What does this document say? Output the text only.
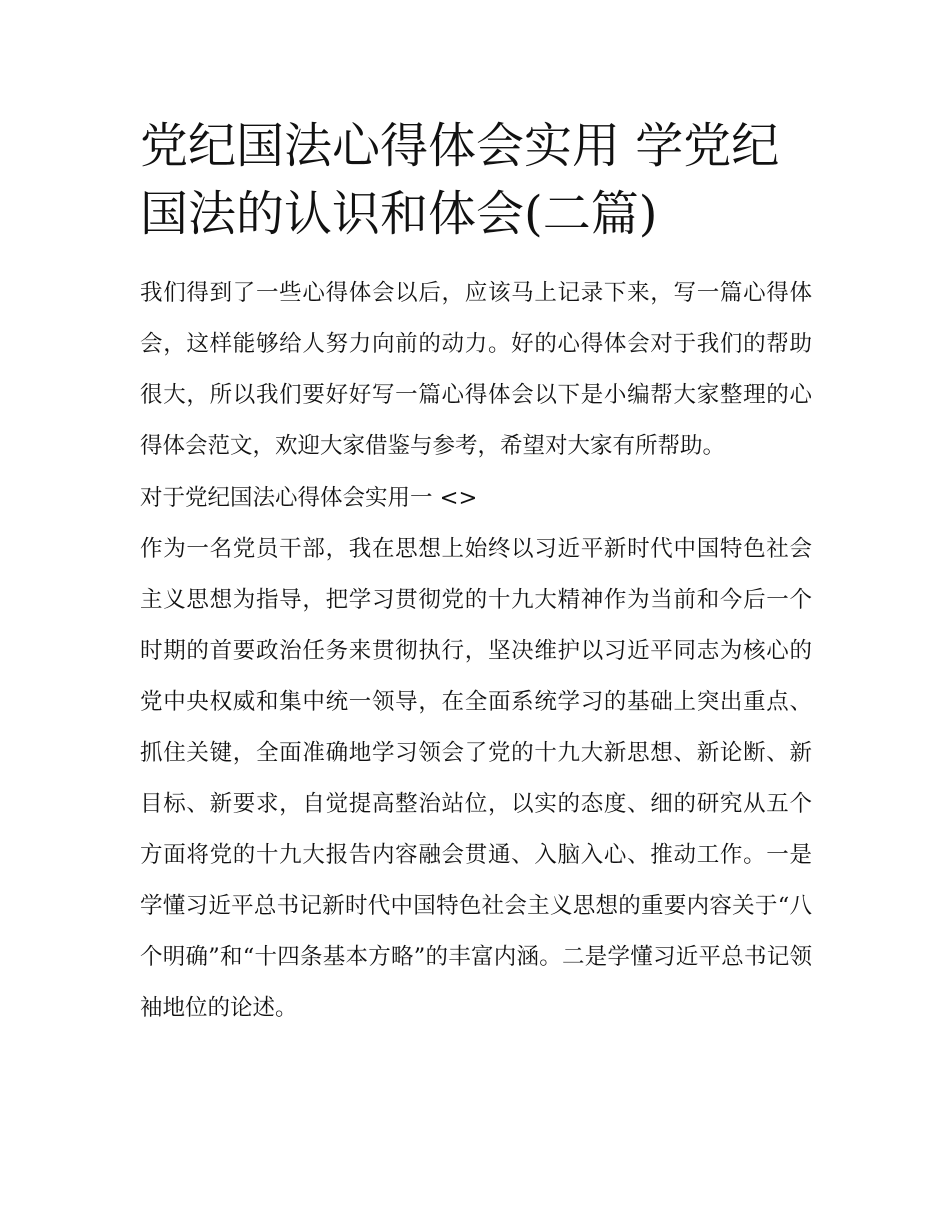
党纪国法心得体会实用 学党纪国法的认识和体会(二篇)

我们得到了一些心得体会以后，应该马上记录下来，写一篇心得体会，这样能够给人努力向前的动力。好的心得体会对于我们的帮助很大，所以我们要好好写一篇心得体会以下是小编帮大家整理的心得体会范文，欢迎大家借鉴与参考，希望对大家有所帮助。

对于党纪国法心得体会实用一 <>

作为一名党员干部，我在思想上始终以习近平新时代中国特色社会主义思想为指导，把学习贯彻党的十九大精神作为当前和今后一个时期的首要政治任务来贯彻执行，坚决维护以习近平同志为核心的党中央权威和集中统一领导，在全面系统学习的基础上突出重点、抓住关键，全面准确地学习领会了党的十九大新思想、新论断、新目标、新要求，自觉提高整治站位，以实的态度、细的研究从五个方面将党的十九大报告内容融会贯通、入脑入心、推动工作。一是学懂习近平总书记新时代中国特色社会主义思想的重要内容关于“八个明确”和“十四条基本方略”的丰富内涵。二是学懂习近平总书记领袖地位的论述。
